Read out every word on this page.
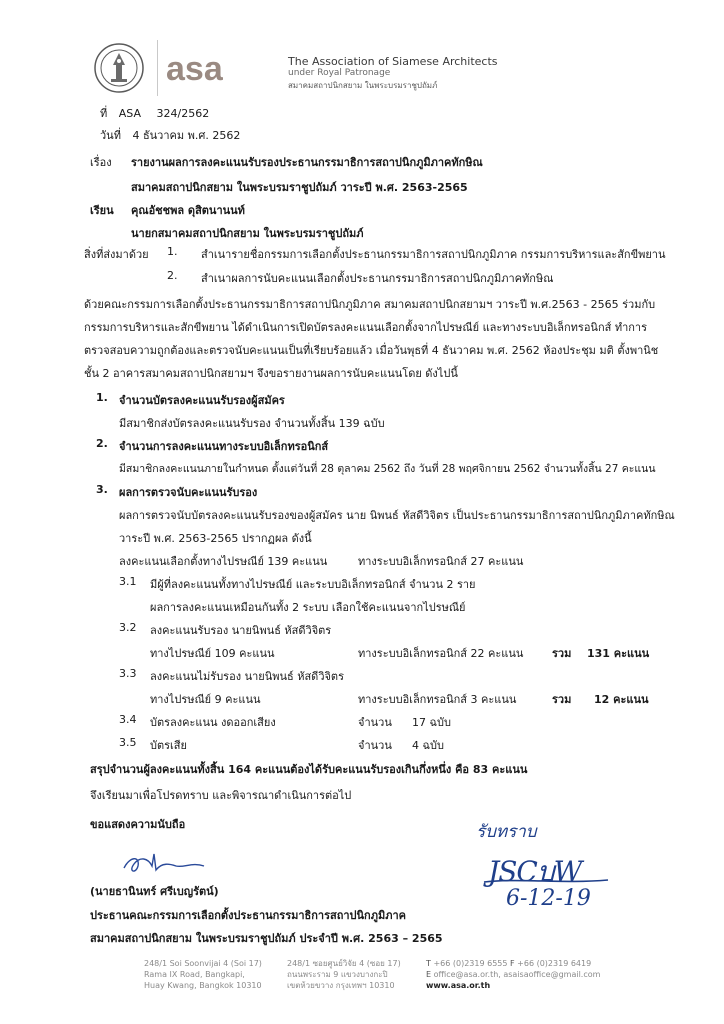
asa	The Association of Siamese Architects
under Royal Patronage
สมาคมสถาปนิกสยาม ในพระบรมราชูปถัมภ์
ที่ ASA 324/2562
วันที่ 4 ธันวาคม พ.ศ. 2562
เรื่อง รายงานผลการลงคะแนนรับรองประธานกรรมาธิการสถาปนิกภูมิภาคทักษิณ
สมาคมสถาปนิกสยาม ในพระบรมราชูปถัมภ์ วาระปี พ.ศ. 2563-2565
เรียน คุณอัชชพล ดุสิตนานนท์
นายกสมาคมสถาปนิกสยาม ในพระบรมราชูปถัมภ์
สิ่งที่ส่งมาด้วย 1. สำเนารายชื่อกรรมการเลือกตั้งประธานกรรมาธิการสถาปนิกภูมิภาค กรรมการบริหารและสักขีพยาน
2. สำเนาผลการนับคะแนนเลือกตั้งประธานกรรมาธิการสถาปนิกภูมิภาคทักษิณ
ด้วยคณะกรรมการเลือกตั้งประธานกรรมาธิการสถาปนิกภูมิภาค สมาคมสถาปนิกสยามฯ วาระปี พ.ศ.2563 - 2565 ร่วมกับ
กรรมการบริหารและสักขีพยาน ได้ดำเนินการเปิดบัตรลงคะแนนเลือกตั้งจากไปรษณีย์ และทางระบบอิเล็กทรอนิกส์ ทำการ
ตรวจสอบความถูกต้องและตรวจนับคะแนนเป็นที่เรียบร้อยแล้ว เมื่อวันพุธที่ 4 ธันวาคม พ.ศ. 2562 ห้องประชุม มติ ตั้งพานิช
ชั้น 2 อาคารสมาคมสถาปนิกสยามฯ จึงขอรายงานผลการนับคะแนนโดย ดังไปนี้
1. จำนวนบัตรลงคะแนนรับรองผู้สมัคร
มีสมาชิกส่งบัตรลงคะแนนรับรอง จำนวนทั้งสิ้น 139 ฉบับ
2. จำนวนการลงคะแนนทางระบบอิเล็กทรอนิกส์
มีสมาชิกลงคะแนนภายในกำหนด ตั้งแต่วันที่ 28 ตุลาคม 2562 ถึง วันที่ 28 พฤศจิกายน 2562 จำนวนทั้งสิ้น 27 คะแนน
3. ผลการตรวจนับคะแนนรับรอง
ผลการตรวจนับบัตรลงคะแนนรับรองของผู้สมัคร นาย นิพนธ์ หัสดีวิจิตร เป็นประธานกรรมาธิการสถาปนิกภูมิภาคทักษิณ
วาระปี พ.ศ. 2563-2565 ปรากฏผล ดังนี้
ลงคะแนนเลือกตั้งทางไปรษณีย์ 139 คะแนน	ทางระบบอิเล็กทรอนิกส์ 27 คะแนน
3.1 มีผู้ที่ลงคะแนนทั้งทางไปรษณีย์ และระบบอิเล็กทรอนิกส์ จำนวน 2 ราย
ผลการลงคะแนนเหมือนกันทั้ง 2 ระบบ เลือกใช้คะแนนจากไปรษณีย์
3.2 ลงคะแนนรับรอง นายนิพนธ์ หัสดีวิจิตร
ทางไปรษณีย์ 109 คะแนน	ทางระบบอิเล็กทรอนิกส์ 22 คะแนน	รวม 131 คะแนน
3.3 ลงคะแนนไม่รับรอง นายนิพนธ์ หัสดีวิจิตร
ทางไปรษณีย์ 9 คะแนน	ทางระบบอิเล็กทรอนิกส์ 3 คะแนน	รวม 12 คะแนน
3.4 บัตรลงคะแนน งดออกเสียง	จำนวน 17 ฉบับ
3.5 บัตรเสีย	จำนวน 4 ฉบับ
สรุปจำนวนผู้ลงคะแนนทั้งสิ้น 164 คะแนนต้องได้รับคะแนนรับรองเกินกึ่งหนึ่ง คือ 83 คะแนน
จึงเรียนมาเพื่อโปรดทราบ และพิจารณาดำเนินการต่อไป
ขอแสดงความนับถือ
(นายธานินทร์ ศรีเบญรัตน์)
ประธานคณะกรรมการเลือกตั้งประธานกรรมาธิการสถาปนิกภูมิภาค
สมาคมสถาปนิกสยาม ในพระบรมราชูปถัมภ์ ประจำปี พ.ศ. 2563 – 2565
รับทราบ
JSCบW
6-12-19
248/1 Soi Soonvijai 4 (Soi 17)
Rama IX Road, Bangkapi,
Huay Kwang, Bangkok 10310
248/1 ซอยศูนย์วิจัย 4 (ซอย 17)
ถนนพระราม 9 แขวงบางกะปิ
เขตห้วยขวาง กรุงเทพฯ 10310
T +66 (0)2319 6555 F +66 (0)2319 6419
E office@asa.or.th, asaisaoffice@gmail.com
www.asa.or.th
